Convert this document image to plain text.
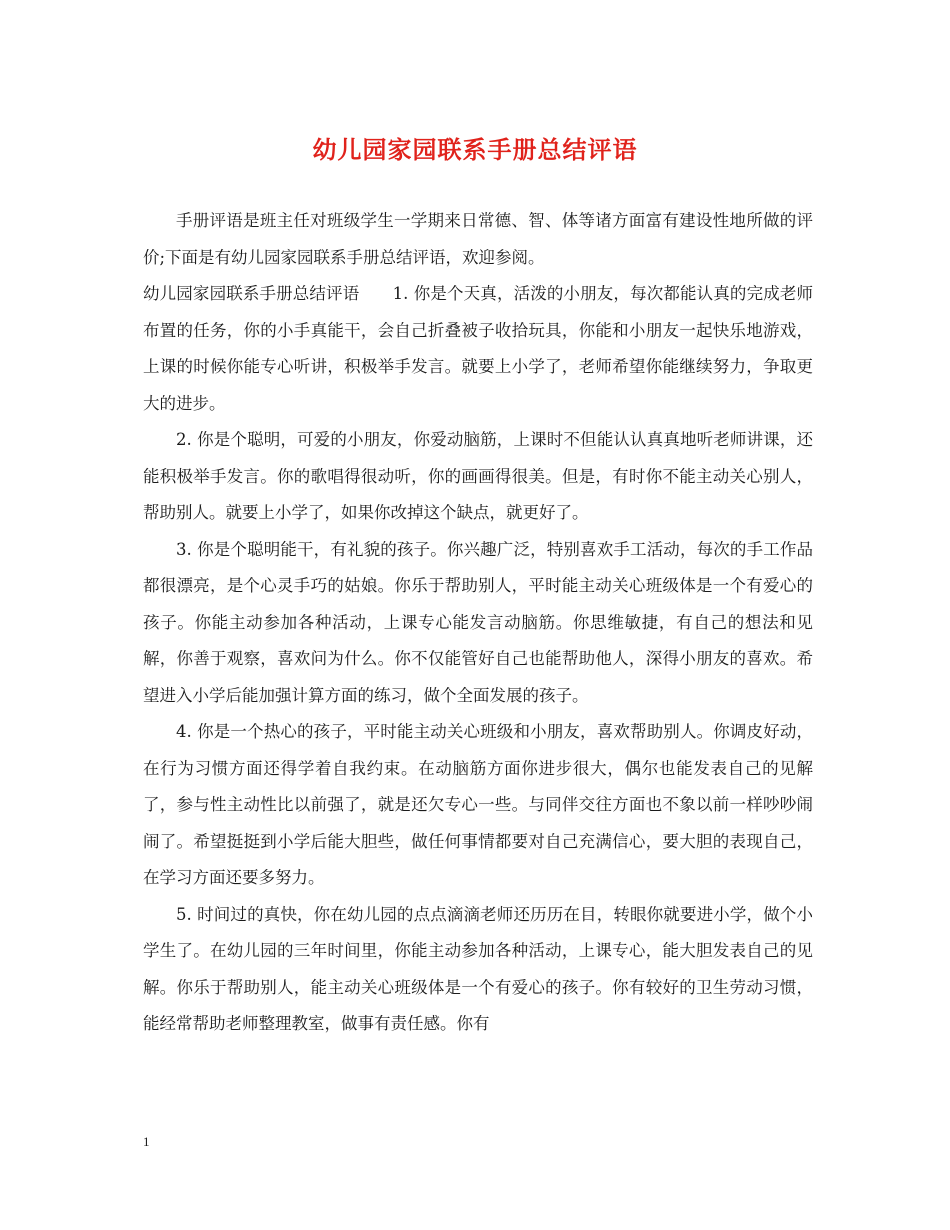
幼儿园家园联系手册总结评语

手册评语是班主任对班级学生一学期来日常德、智、体等诸方面富有建设性地所做的评价;下面是有幼儿园家园联系手册总结评语，欢迎参阅。

幼儿园家园联系手册总结评语　　1. 你是个天真，活泼的小朋友，每次都能认真的完成老师布置的任务，你的小手真能干，会自己折叠被子收拾玩具，你能和小朋友一起快乐地游戏，上课的时候你能专心听讲，积极举手发言。就要上小学了，老师希望你能继续努力，争取更大的进步。

2. 你是个聪明，可爱的小朋友，你爱动脑筋，上课时不但能认认真真地听老师讲课，还能积极举手发言。你的歌唱得很动听，你的画画得很美。但是，有时你不能主动关心别人，帮助别人。就要上小学了，如果你改掉这个缺点，就更好了。

3. 你是个聪明能干，有礼貌的孩子。你兴趣广泛，特别喜欢手工活动，每次的手工作品都很漂亮，是个心灵手巧的姑娘。你乐于帮助别人，平时能主动关心班级体是一个有爱心的孩子。你能主动参加各种活动，上课专心能发言动脑筋。你思维敏捷，有自己的想法和见解，你善于观察，喜欢问为什么。你不仅能管好自己也能帮助他人，深得小朋友的喜欢。希望进入小学后能加强计算方面的练习，做个全面发展的孩子。

4. 你是一个热心的孩子，平时能主动关心班级和小朋友，喜欢帮助别人。你调皮好动，在行为习惯方面还得学着自我约束。在动脑筋方面你进步很大，偶尔也能发表自己的见解了，参与性主动性比以前强了，就是还欠专心一些。与同伴交往方面也不象以前一样吵吵闹闹了。希望挺挺到小学后能大胆些，做任何事情都要对自己充满信心，要大胆的表现自己，在学习方面还要多努力。

5. 时间过的真快，你在幼儿园的点点滴滴老师还历历在目，转眼你就要进小学，做个小学生了。在幼儿园的三年时间里，你能主动参加各种活动，上课专心，能大胆发表自己的见解。你乐于帮助别人，能主动关心班级体是一个有爱心的孩子。你有较好的卫生劳动习惯，能经常帮助老师整理教室，做事有责任感。你有

1
